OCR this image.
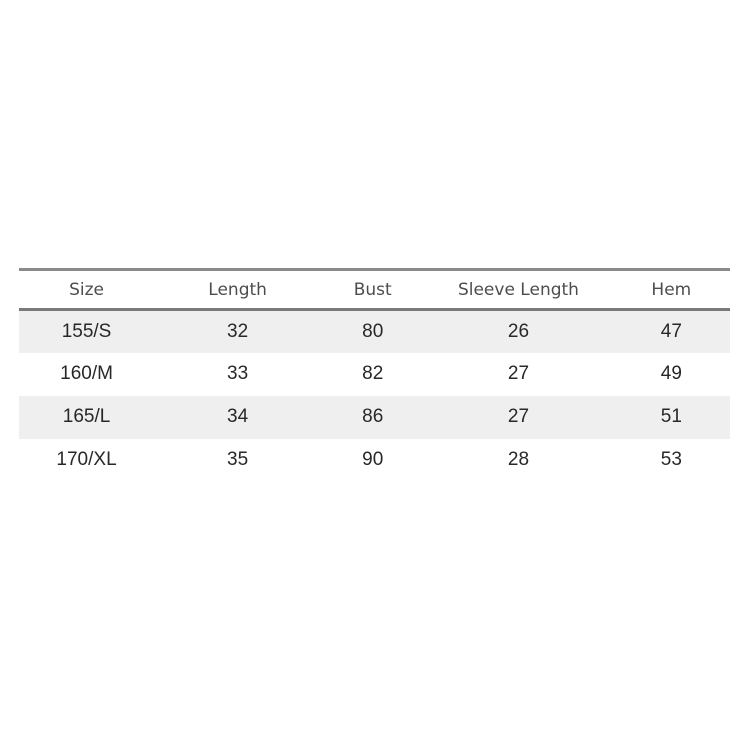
Size	Length	Bust	Sleeve Length	Hem
155/S	32	80	26	47
160/M	33	82	27	49
165/L	34	86	27	51
170/XL	35	90	28	53
